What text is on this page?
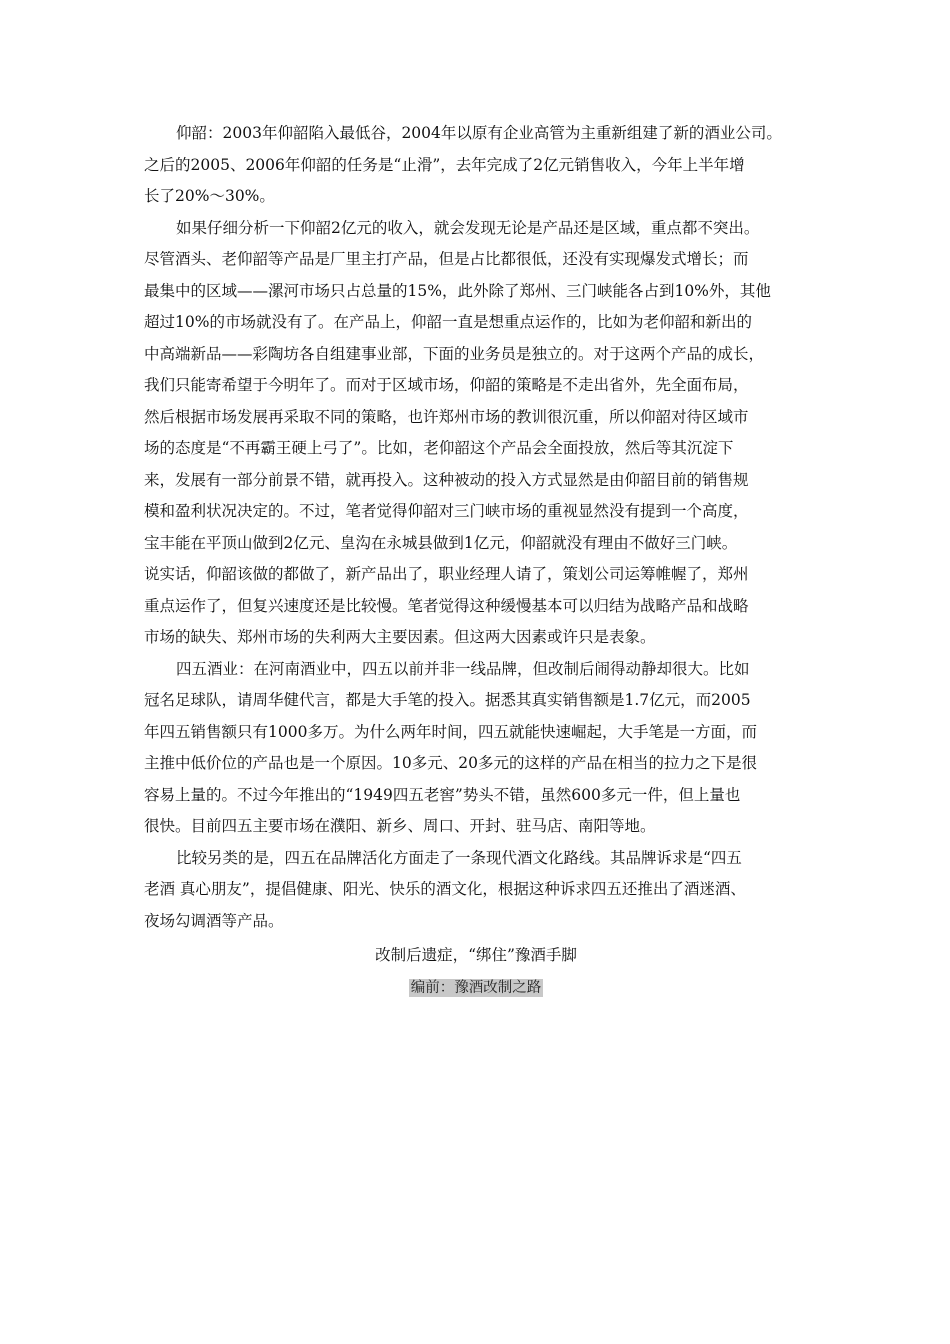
仰韶：2003年仰韶陷入最低谷，2004年以原有企业高管为主重新组建了新的酒业公司。
之后的2005、2006年仰韶的任务是“止滑”，去年完成了2亿元销售收入，今年上半年增
长了20%～30%。
如果仔细分析一下仰韶2亿元的收入，就会发现无论是产品还是区域，重点都不突出。
尽管酒头、老仰韶等产品是厂里主打产品，但是占比都很低，还没有实现爆发式增长；而
最集中的区域——漯河市场只占总量的15%，此外除了郑州、三门峡能各占到10%外，其他
超过10%的市场就没有了。在产品上，仰韶一直是想重点运作的，比如为老仰韶和新出的
中高端新品——彩陶坊各自组建事业部，下面的业务员是独立的。对于这两个产品的成长，
我们只能寄希望于今明年了。而对于区域市场，仰韶的策略是不走出省外，先全面布局，
然后根据市场发展再采取不同的策略，也许郑州市场的教训很沉重，所以仰韶对待区域市
场的态度是“不再霸王硬上弓了”。比如，老仰韶这个产品会全面投放，然后等其沉淀下
来，发展有一部分前景不错，就再投入。这种被动的投入方式显然是由仰韶目前的销售规
模和盈利状况决定的。不过，笔者觉得仰韶对三门峡市场的重视显然没有提到一个高度，
宝丰能在平顶山做到2亿元、皇沟在永城县做到1亿元，仰韶就没有理由不做好三门峡。
说实话，仰韶该做的都做了，新产品出了，职业经理人请了，策划公司运筹帷幄了，郑州
重点运作了，但复兴速度还是比较慢。笔者觉得这种缓慢基本可以归结为战略产品和战略
市场的缺失、郑州市场的失利两大主要因素。但这两大因素或许只是表象。
四五酒业：在河南酒业中，四五以前并非一线品牌，但改制后闹得动静却很大。比如
冠名足球队，请周华健代言，都是大手笔的投入。据悉其真实销售额是1.7亿元，而2005
年四五销售额只有1000多万。为什么两年时间，四五就能快速崛起，大手笔是一方面，而
主推中低价位的产品也是一个原因。10多元、20多元的这样的产品在相当的拉力之下是很
容易上量的。不过今年推出的“1949四五老窖”势头不错，虽然600多元一件，但上量也
很快。目前四五主要市场在濮阳、新乡、周口、开封、驻马店、南阳等地。
比较另类的是，四五在品牌活化方面走了一条现代酒文化路线。其品牌诉求是“四五
老酒 真心朋友”，提倡健康、阳光、快乐的酒文化，根据这种诉求四五还推出了酒迷酒、
夜场勾调酒等产品。
改制后遗症，“绑住”豫酒手脚
编前：豫酒改制之路
